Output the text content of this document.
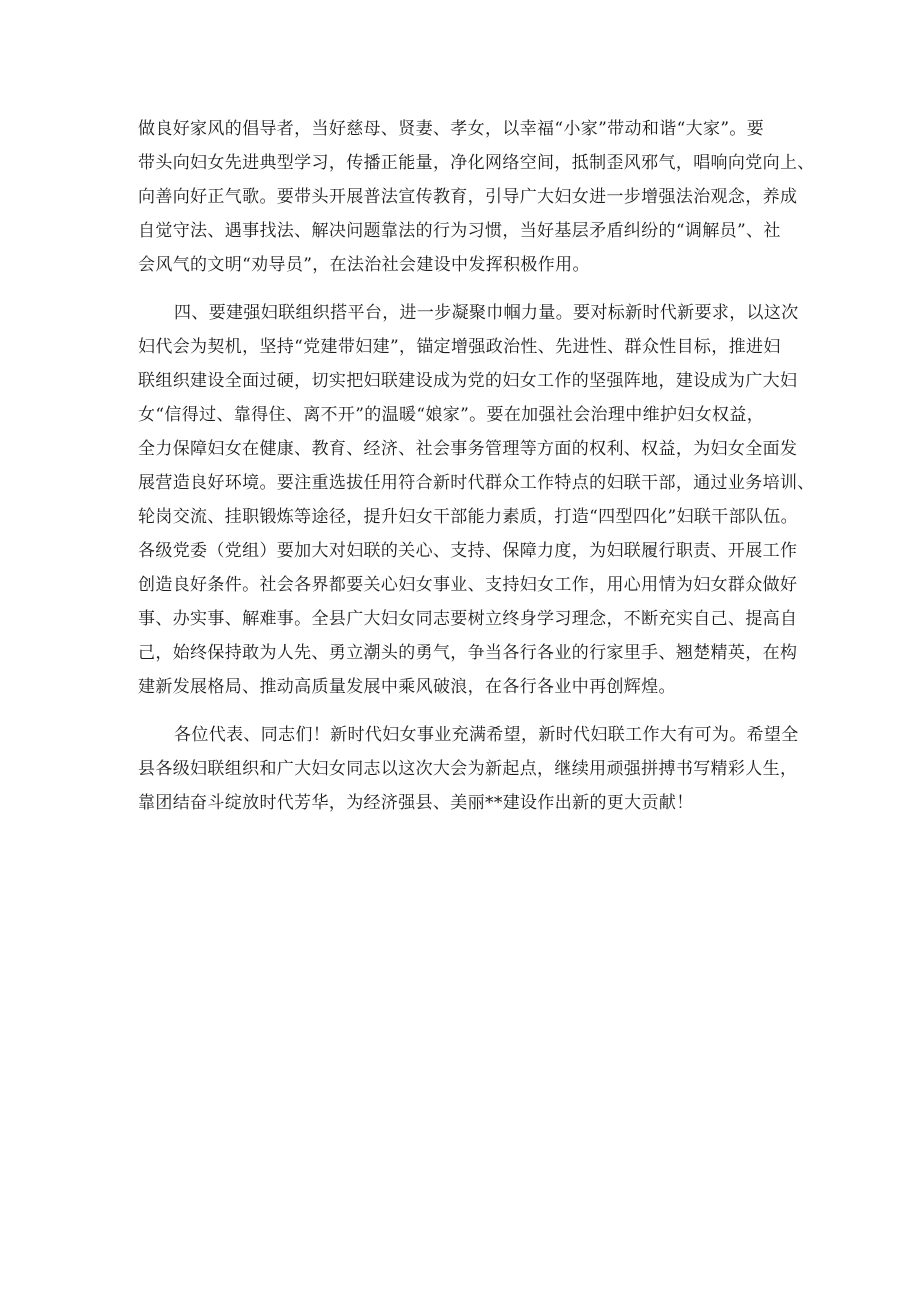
做良好家风的倡导者，当好慈母、贤妻、孝女，以幸福“小家”带动和谐“大家”。要
带头向妇女先进典型学习，传播正能量，净化网络空间，抵制歪风邪气，唱响向党向上、
向善向好正气歌。要带头开展普法宣传教育，引导广大妇女进一步增强法治观念，养成
自觉守法、遇事找法、解决问题靠法的行为习惯，当好基层矛盾纠纷的“调解员”、社
会风气的文明“劝导员”，在法治社会建设中发挥积极作用。
四、要建强妇联组织搭平台，进一步凝聚巾帼力量。要对标新时代新要求，以这次
妇代会为契机，坚持“党建带妇建”，锚定增强政治性、先进性、群众性目标，推进妇
联组织建设全面过硬，切实把妇联建设成为党的妇女工作的坚强阵地，建设成为广大妇
女“信得过、靠得住、离不开”的温暖“娘家”。要在加强社会治理中维护妇女权益，
全力保障妇女在健康、教育、经济、社会事务管理等方面的权利、权益，为妇女全面发
展营造良好环境。要注重选拔任用符合新时代群众工作特点的妇联干部，通过业务培训、
轮岗交流、挂职锻炼等途径，提升妇女干部能力素质，打造“四型四化”妇联干部队伍。
各级党委（党组）要加大对妇联的关心、支持、保障力度，为妇联履行职责、开展工作
创造良好条件。社会各界都要关心妇女事业、支持妇女工作，用心用情为妇女群众做好
事、办实事、解难事。全县广大妇女同志要树立终身学习理念，不断充实自己、提高自
己，始终保持敢为人先、勇立潮头的勇气，争当各行各业的行家里手、翘楚精英，在构
建新发展格局、推动高质量发展中乘风破浪，在各行各业中再创辉煌。
各位代表、同志们！新时代妇女事业充满希望，新时代妇联工作大有可为。希望全
县各级妇联组织和广大妇女同志以这次大会为新起点，继续用顽强拼搏书写精彩人生，
靠团结奋斗绽放时代芳华，为经济强县、美丽**建设作出新的更大贡献！
